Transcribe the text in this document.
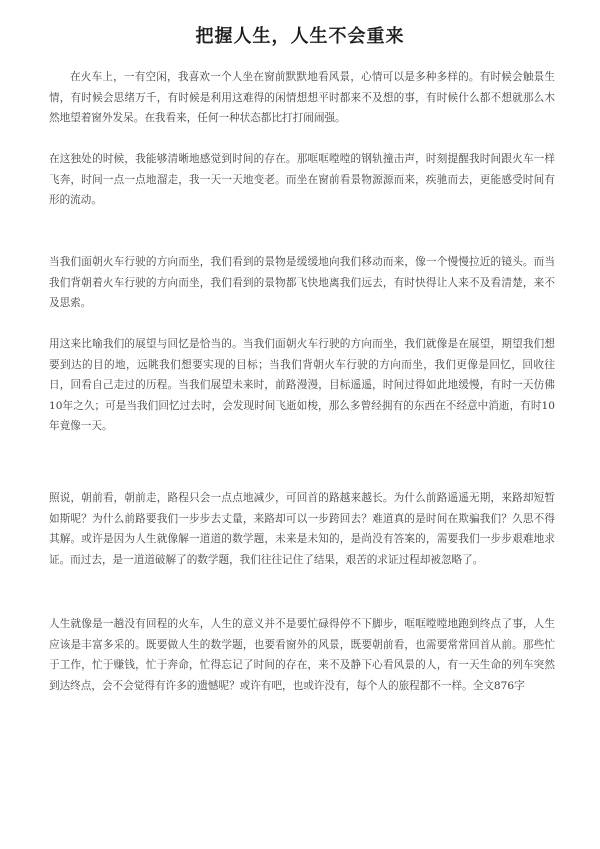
把握人生，人生不会重来

在火车上，一有空闲，我喜欢一个人坐在窗前默默地看风景，心情可以是多种多样的。有时候会触景生情，有时候会思绪万千，有时候是利用这难得的闲情想想平时都来不及想的事，有时候什么都不想就那么木然地望着窗外发呆。在我看来，任何一种状态都比打打闹闹强。

在这独处的时候，我能够清晰地感觉到时间的存在。那哐哐嘡嘡的钢轨撞击声，时刻提醒我时间跟火车一样飞奔，时间一点一点地溜走，我一天一天地变老。而坐在窗前看景物源源而来，疾驰而去，更能感受时间有形的流动。

当我们面朝火车行驶的方向而坐，我们看到的景物是缓缓地向我们移动而来，像一个慢慢拉近的镜头。而当我们背朝着火车行驶的方向而坐，我们看到的景物都飞快地离我们远去，有时快得让人来不及看清楚，来不及思索。

用这来比喻我们的展望与回忆是恰当的。当我们面朝火车行驶的方向而坐，我们就像是在展望，期望我们想要到达的目的地，远眺我们想要实现的目标；当我们背朝火车行驶的方向而坐，我们更像是回忆，回收往日，回看自己走过的历程。当我们展望未来时，前路漫漫，目标遥遥，时间过得如此地缓慢，有时一天仿佛10年之久；可是当我们回忆过去时，会发现时间飞逝如梭，那么多曾经拥有的东西在不经意中消逝，有时10年竟像一天。

照说，朝前看，朝前走，路程只会一点点地减少，可回首的路越来越长。为什么前路遥遥无期，来路却短暂如斯呢？为什么前路要我们一步步去丈量，来路却可以一步跨回去？难道真的是时间在欺骗我们？久思不得其解。或许是因为人生就像解一道道的数学题，未来是未知的，是尚没有答案的，需要我们一步步艰难地求证。而过去，是一道道破解了的数学题，我们往往记住了结果，艰苦的求证过程却被忽略了。

人生就像是一趟没有回程的火车，人生的意义并不是要忙碌得停不下脚步，哐哐嘡嘡地跑到终点了事，人生应该是丰富多采的。既要做人生的数学题，也要看窗外的风景，既要朝前看，也需要常常回首从前。那些忙于工作，忙于赚钱，忙于奔命，忙得忘记了时间的存在，来不及静下心看风景的人，有一天生命的列车突然到达终点，会不会觉得有许多的遗憾呢？或许有吧，也或许没有，每个人的旅程都不一样。全文876字
